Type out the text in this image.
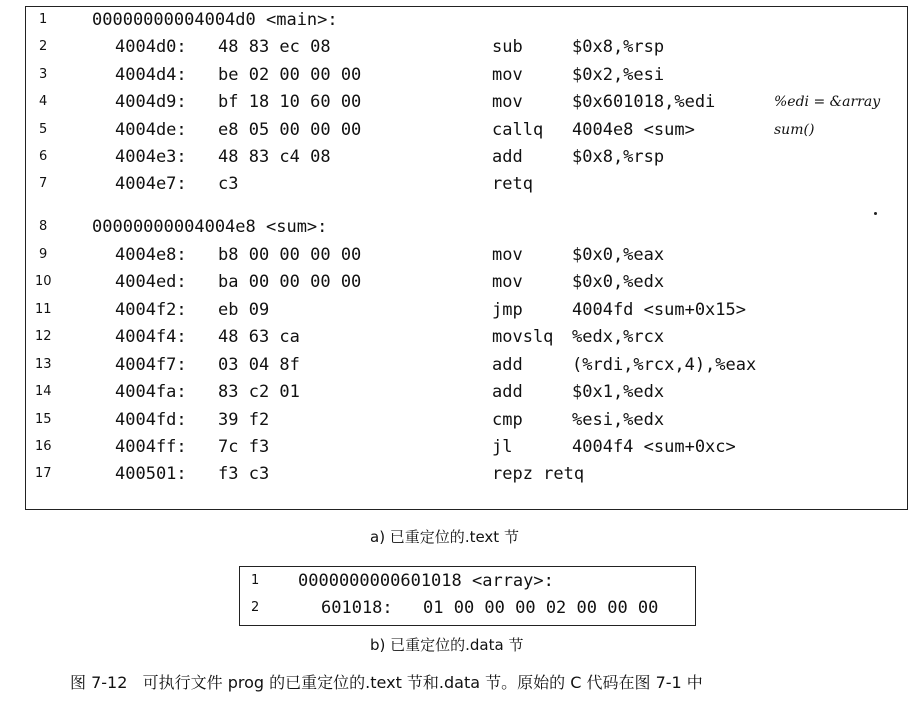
1	00000000004004d0 <main>:
2	4004d0: 48 83 ec 08	sub	$0x8,%rsp
3	4004d4: be 02 00 00 00	mov	$0x2,%esi
4	4004d9: bf 18 10 60 00	mov	$0x601018,%edi	%edi = &array
5	4004de: e8 05 00 00 00	callq 4004e8 <sum>	sum()
6	4004e3: 48 83 c4 08	add	$0x8,%rsp
7	4004e7: c3	retq
8	00000000004004e8 <sum>:
9	4004e8: b8 00 00 00 00	mov	$0x0,%eax
10	4004ed: ba 00 00 00 00	mov	$0x0,%edx
11	4004f2: eb 09	jmp	4004fd <sum+0x15>
12	4004f4: 48 63 ca	movslq %edx,%rcx
13	4004f7: 03 04 8f	add	(%rdi,%rcx,4),%eax
14	4004fa: 83 c2 01	add	$0x1,%edx
15	4004fd: 39 f2	cmp	%esi,%edx
16	4004ff: 7c f3	jl	4004f4 <sum+0xc>
17	400501: f3 c3	repz retq
1 0000000000601018 <array>:
2	601018: 01 00 00 00 02 00 00 00
a) 已重定位的.text 节
b) 已重定位的.data 节
图 7-12 可执行文件 prog 的已重定位的.text 节和.data 节。原始的 C 代码在图 7-1 中
